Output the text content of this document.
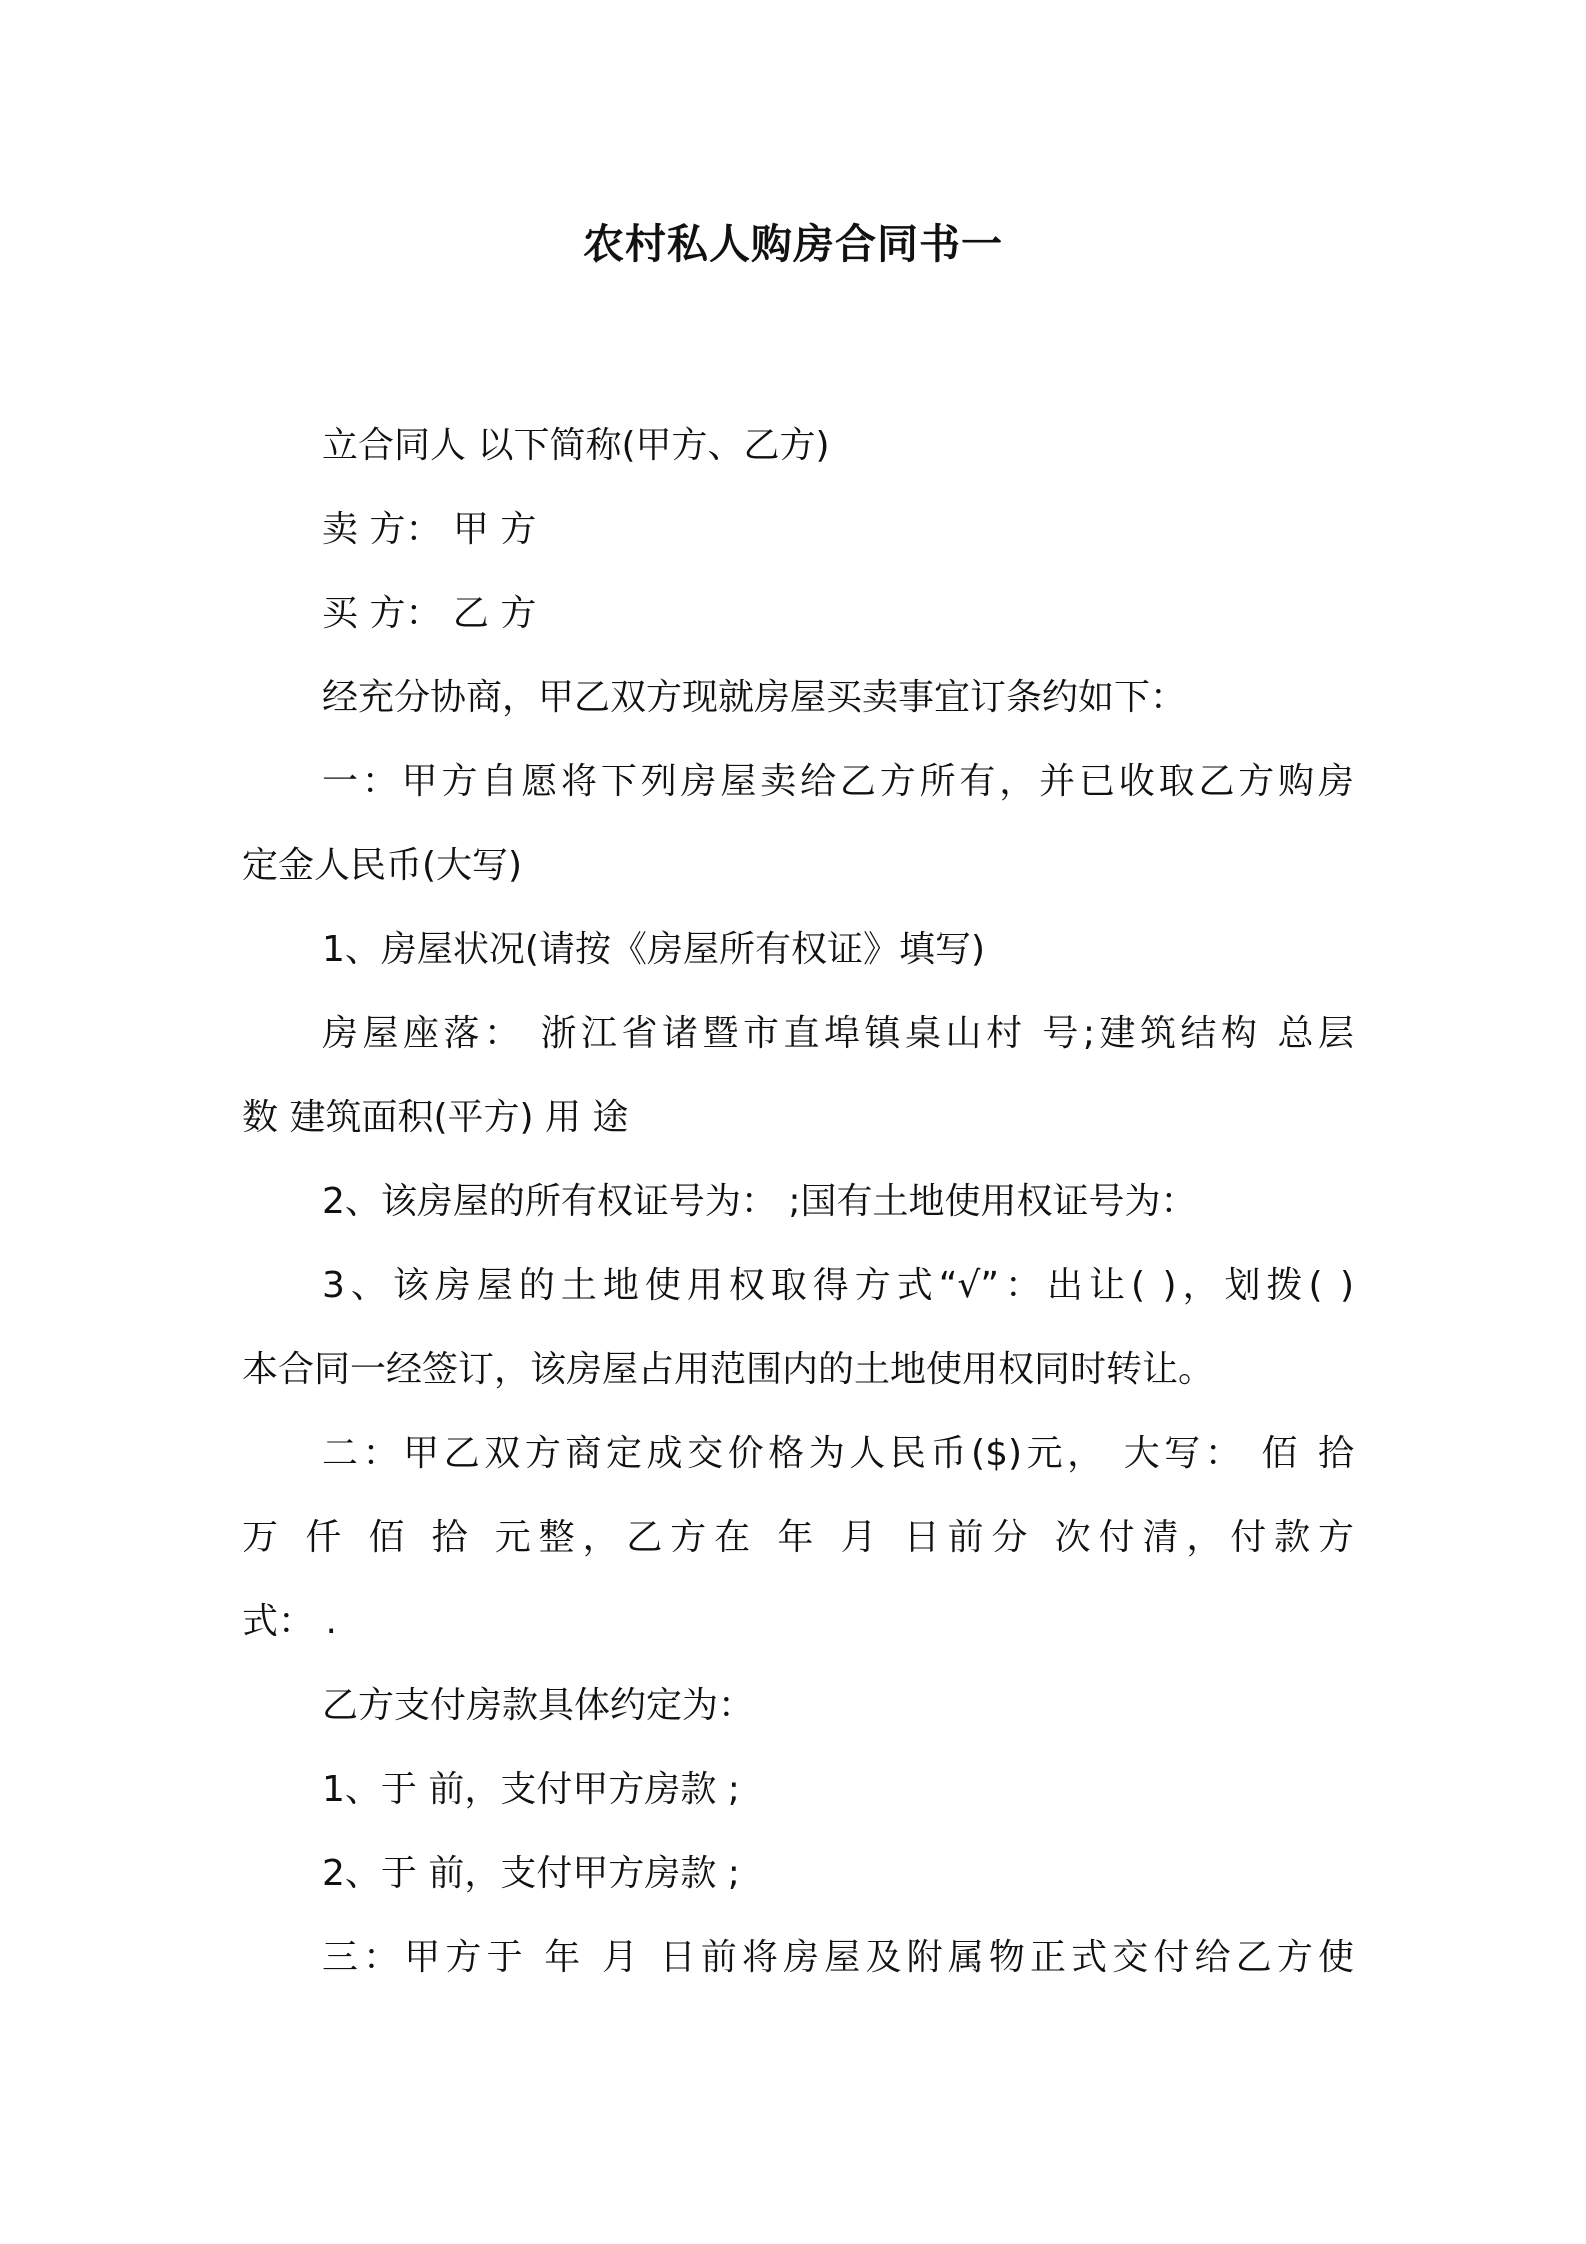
农村私人购房合同书一

立合同人 以下简称(甲方、乙方)

卖 方： 甲 方

买 方： 乙 方

经充分协商，甲乙双方现就房屋买卖事宜订条约如下：

一：甲方自愿将下列房屋卖给乙方所有，并已收取乙方购房

定金人民币(大写)

1、房屋状况(请按《房屋所有权证》填写)

房屋座落： 浙江省诸暨市直埠镇桌山村 号;建筑结构 总层

数 建筑面积(平方) 用 途

2、该房屋的所有权证号为： ;国有土地使用权证号为：

3、该房屋的土地使用权取得方式“√”：出让( )，划拨( )

本合同一经签订，该房屋占用范围内的土地使用权同时转让。

二：甲乙双方商定成交价格为人民币($)元， 大写： 佰 拾

万 仟 佰 拾 元整，乙方在 年 月 日前分 次付清，付款方

式： .

乙方支付房款具体约定为：

1、于 前，支付甲方房款 ;

2、于 前，支付甲方房款 ;

三：甲方于 年 月 日前将房屋及附属物正式交付给乙方使
